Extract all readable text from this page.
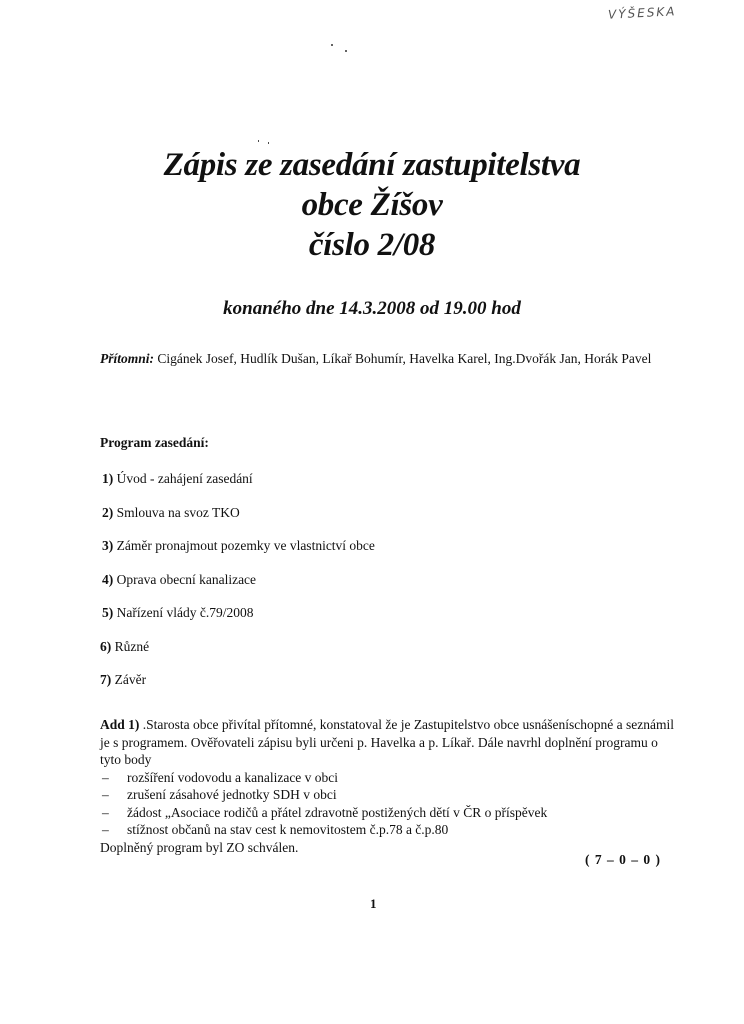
VÝŠESKA
Zápis ze zasedání zastupitelstva
obce Žíšov
číslo 2/08
konaného dne 14.3.2008 od 19.00 hod
Přítomni: Cigánek Josef, Hudlík Dušan, Líkař Bohumír, Havelka Karel, Ing.Dvořák Jan, Horák Pavel
Program zasedání:
1) Úvod - zahájení zasedání
2) Smlouva na svoz TKO
3) Záměr pronajmout pozemky ve vlastnictví obce
4) Oprava obecní kanalizace
5) Nařízení vlády č.79/2008
6) Různé
7) Závěr
Add 1) .Starosta obce přivítal přítomné, konstatoval že je Zastupitelstvo obce usnášeníschopné a seznámil je s programem. Ověřovateli zápisu byli určeni p. Havelka a p. Líkař. Dále navrhl doplnění programu o tyto body
– rozšíření vodovodu a kanalizace v obci
– zrušení zásahové jednotky SDH v obci
– žádost „Asociace rodičů a přátel zdravotně postižených dětí v ČR o příspěvek
– stížnost občanů na stav cest k nemovitostem č.p.78 a č.p.80
Doplněný program byl ZO schválen.
( 7 – 0 – 0 )
1
